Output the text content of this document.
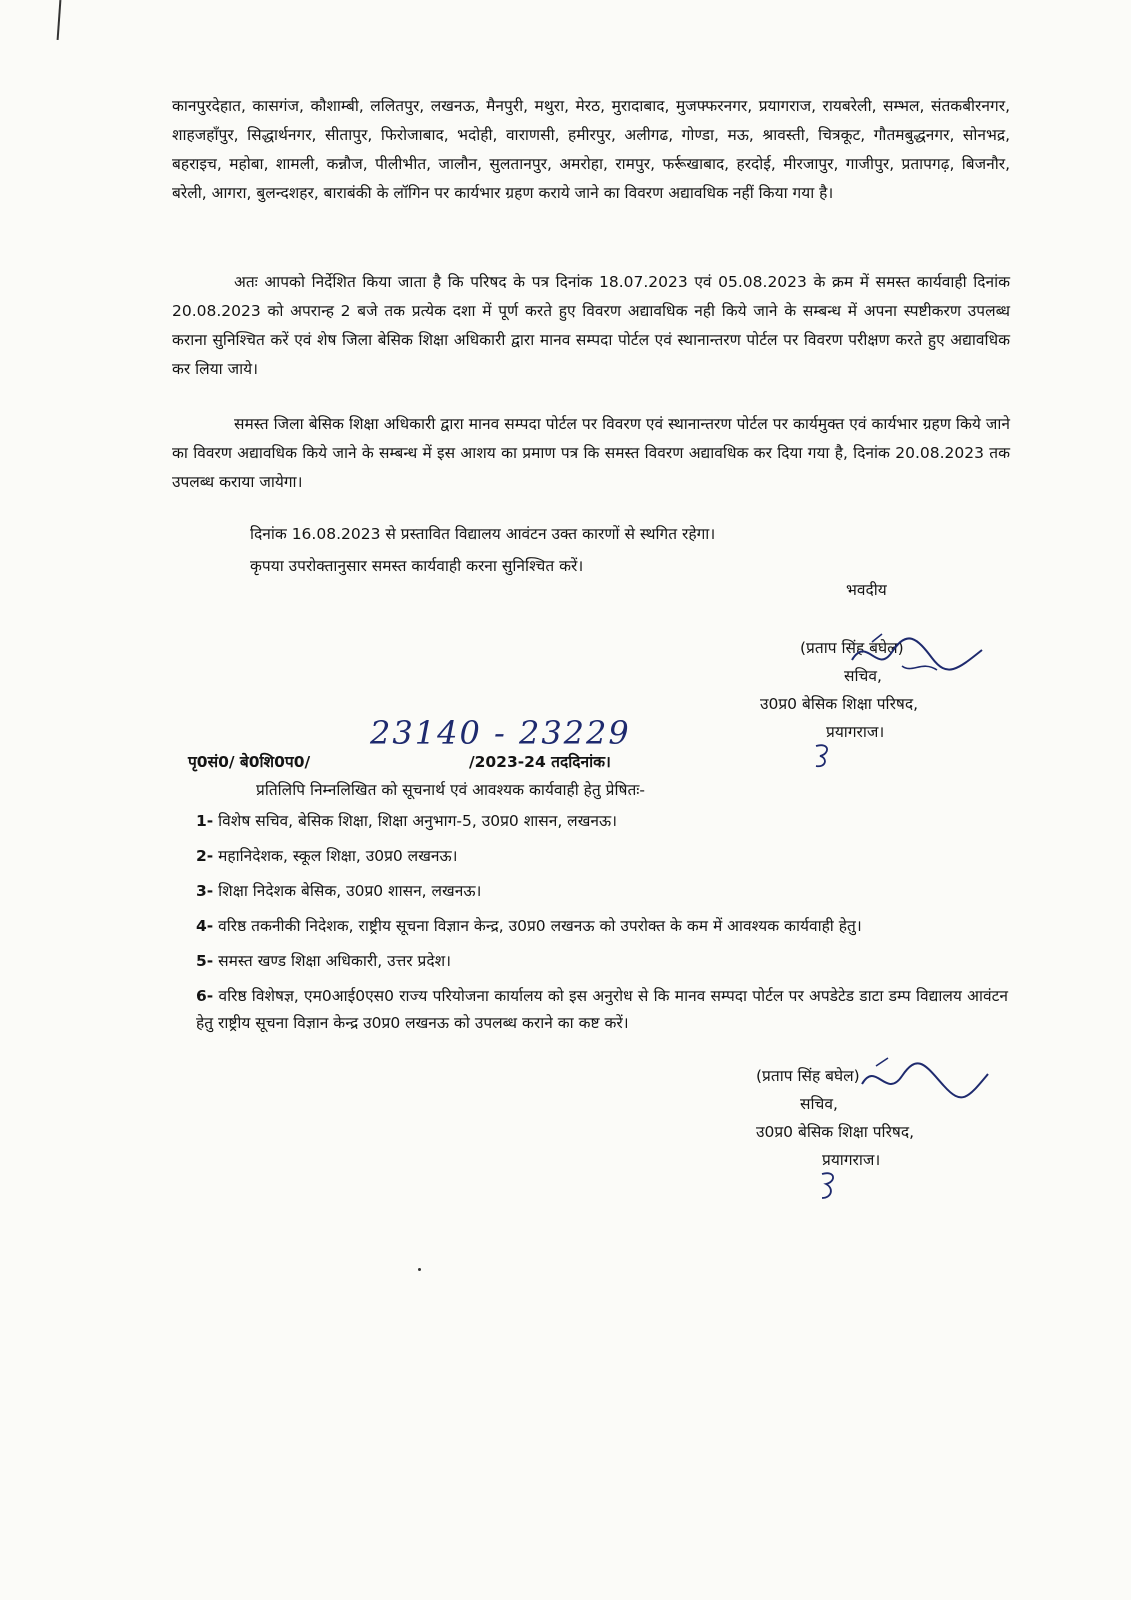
कानपुरदेहात, कासगंज, कौशाम्बी, ललितपुर, लखनऊ, मैनपुरी, मथुरा, मेरठ, मुरादाबाद, मुजफ्फरनगर, प्रयागराज, रायबरेली, सम्भल, संतकबीरनगर, शाहजहाँपुर, सिद्धार्थनगर, सीतापुर, फिरोजाबाद, भदोही, वाराणसी, हमीरपुर, अलीगढ, गोण्डा, मऊ, श्रावस्ती, चित्रकूट, गौतमबुद्धनगर, सोनभद्र, बहराइच, महोबा, शामली, कन्नौज, पीलीभीत, जालौन, सुलतानपुर, अमरोहा, रामपुर, फर्रूखाबाद, हरदोई, मीरजापुर, गाजीपुर, प्रतापगढ़, बिजनौर, बरेली, आगरा, बुलन्दशहर, बाराबंकी के लॉगिन पर कार्यभार ग्रहण कराये जाने का विवरण अद्यावधिक नहीं किया गया है।

अतः आपको निर्देशित किया जाता है कि परिषद के पत्र दिनांक 18.07.2023 एवं 05.08.2023 के क्रम में समस्त कार्यवाही दिनांक 20.08.2023 को अपरान्ह 2 बजे तक प्रत्येक दशा में पूर्ण करते हुए विवरण अद्यावधिक नही किये जाने के सम्बन्ध में अपना स्पष्टीकरण उपलब्ध कराना सुनिश्चित करें एवं शेष जिला बेसिक शिक्षा अधिकारी द्वारा मानव सम्पदा पोर्टल एवं स्थानान्तरण पोर्टल पर विवरण परीक्षण करते हुए अद्यावधिक कर लिया जाये।

समस्त जिला बेसिक शिक्षा अधिकारी द्वारा मानव सम्पदा पोर्टल पर विवरण एवं स्थानान्तरण पोर्टल पर कार्यमुक्त एवं कार्यभार ग्रहण किये जाने का विवरण अद्यावधिक किये जाने के सम्बन्ध में इस आशय का प्रमाण पत्र कि समस्त विवरण अद्यावधिक कर दिया गया है, दिनांक 20.08.2023 तक उपलब्ध कराया जायेगा।

दिनांक 16.08.2023 से प्रस्तावित विद्यालय आवंटन उक्त कारणों से स्थगित रहेगा।
कृपया उपरोक्तानुसार समस्त कार्यवाही करना सुनिश्चित करें।
भवदीय
(प्रताप सिंह बघेल)
सचिव,
उ0प्र0 बेसिक शिक्षा परिषद,
प्रयागराज।
23140 - 23229
पृ0सं0/ बे0शि0प0/	/2023-24 तददिनांक।
प्रतिलिपि निम्नलिखित को सूचनार्थ एवं आवश्यक कार्यवाही हेतु प्रेषितः-

1- विशेष सचिव, बेसिक शिक्षा, शिक्षा अनुभाग-5, उ0प्र0 शासन, लखनऊ।

2- महानिदेशक, स्कूल शिक्षा, उ0प्र0 लखनऊ।

3- शिक्षा निदेशक बेसिक, उ0प्र0 शासन, लखनऊ।

4- वरिष्ठ तकनीकी निदेशक, राष्ट्रीय सूचना विज्ञान केन्द्र, उ0प्र0 लखनऊ को उपरोक्त के कम में आवश्यक कार्यवाही हेतु।

5- समस्त खण्ड शिक्षा अधिकारी, उत्तर प्रदेश।

6- वरिष्ठ विशेषज्ञ, एम0आई0एस0 राज्य परियोजना कार्यालय को इस अनुरोध से कि मानव सम्पदा पोर्टल पर अपडेटेड डाटा डम्प विद्यालय आवंटन हेतु राष्ट्रीय सूचना विज्ञान केन्द्र उ0प्र0 लखनऊ को उपलब्ध कराने का कष्ट करें।

(प्रताप सिंह बघेल)
सचिव,
उ0प्र0 बेसिक शिक्षा परिषद,
प्रयागराज।
